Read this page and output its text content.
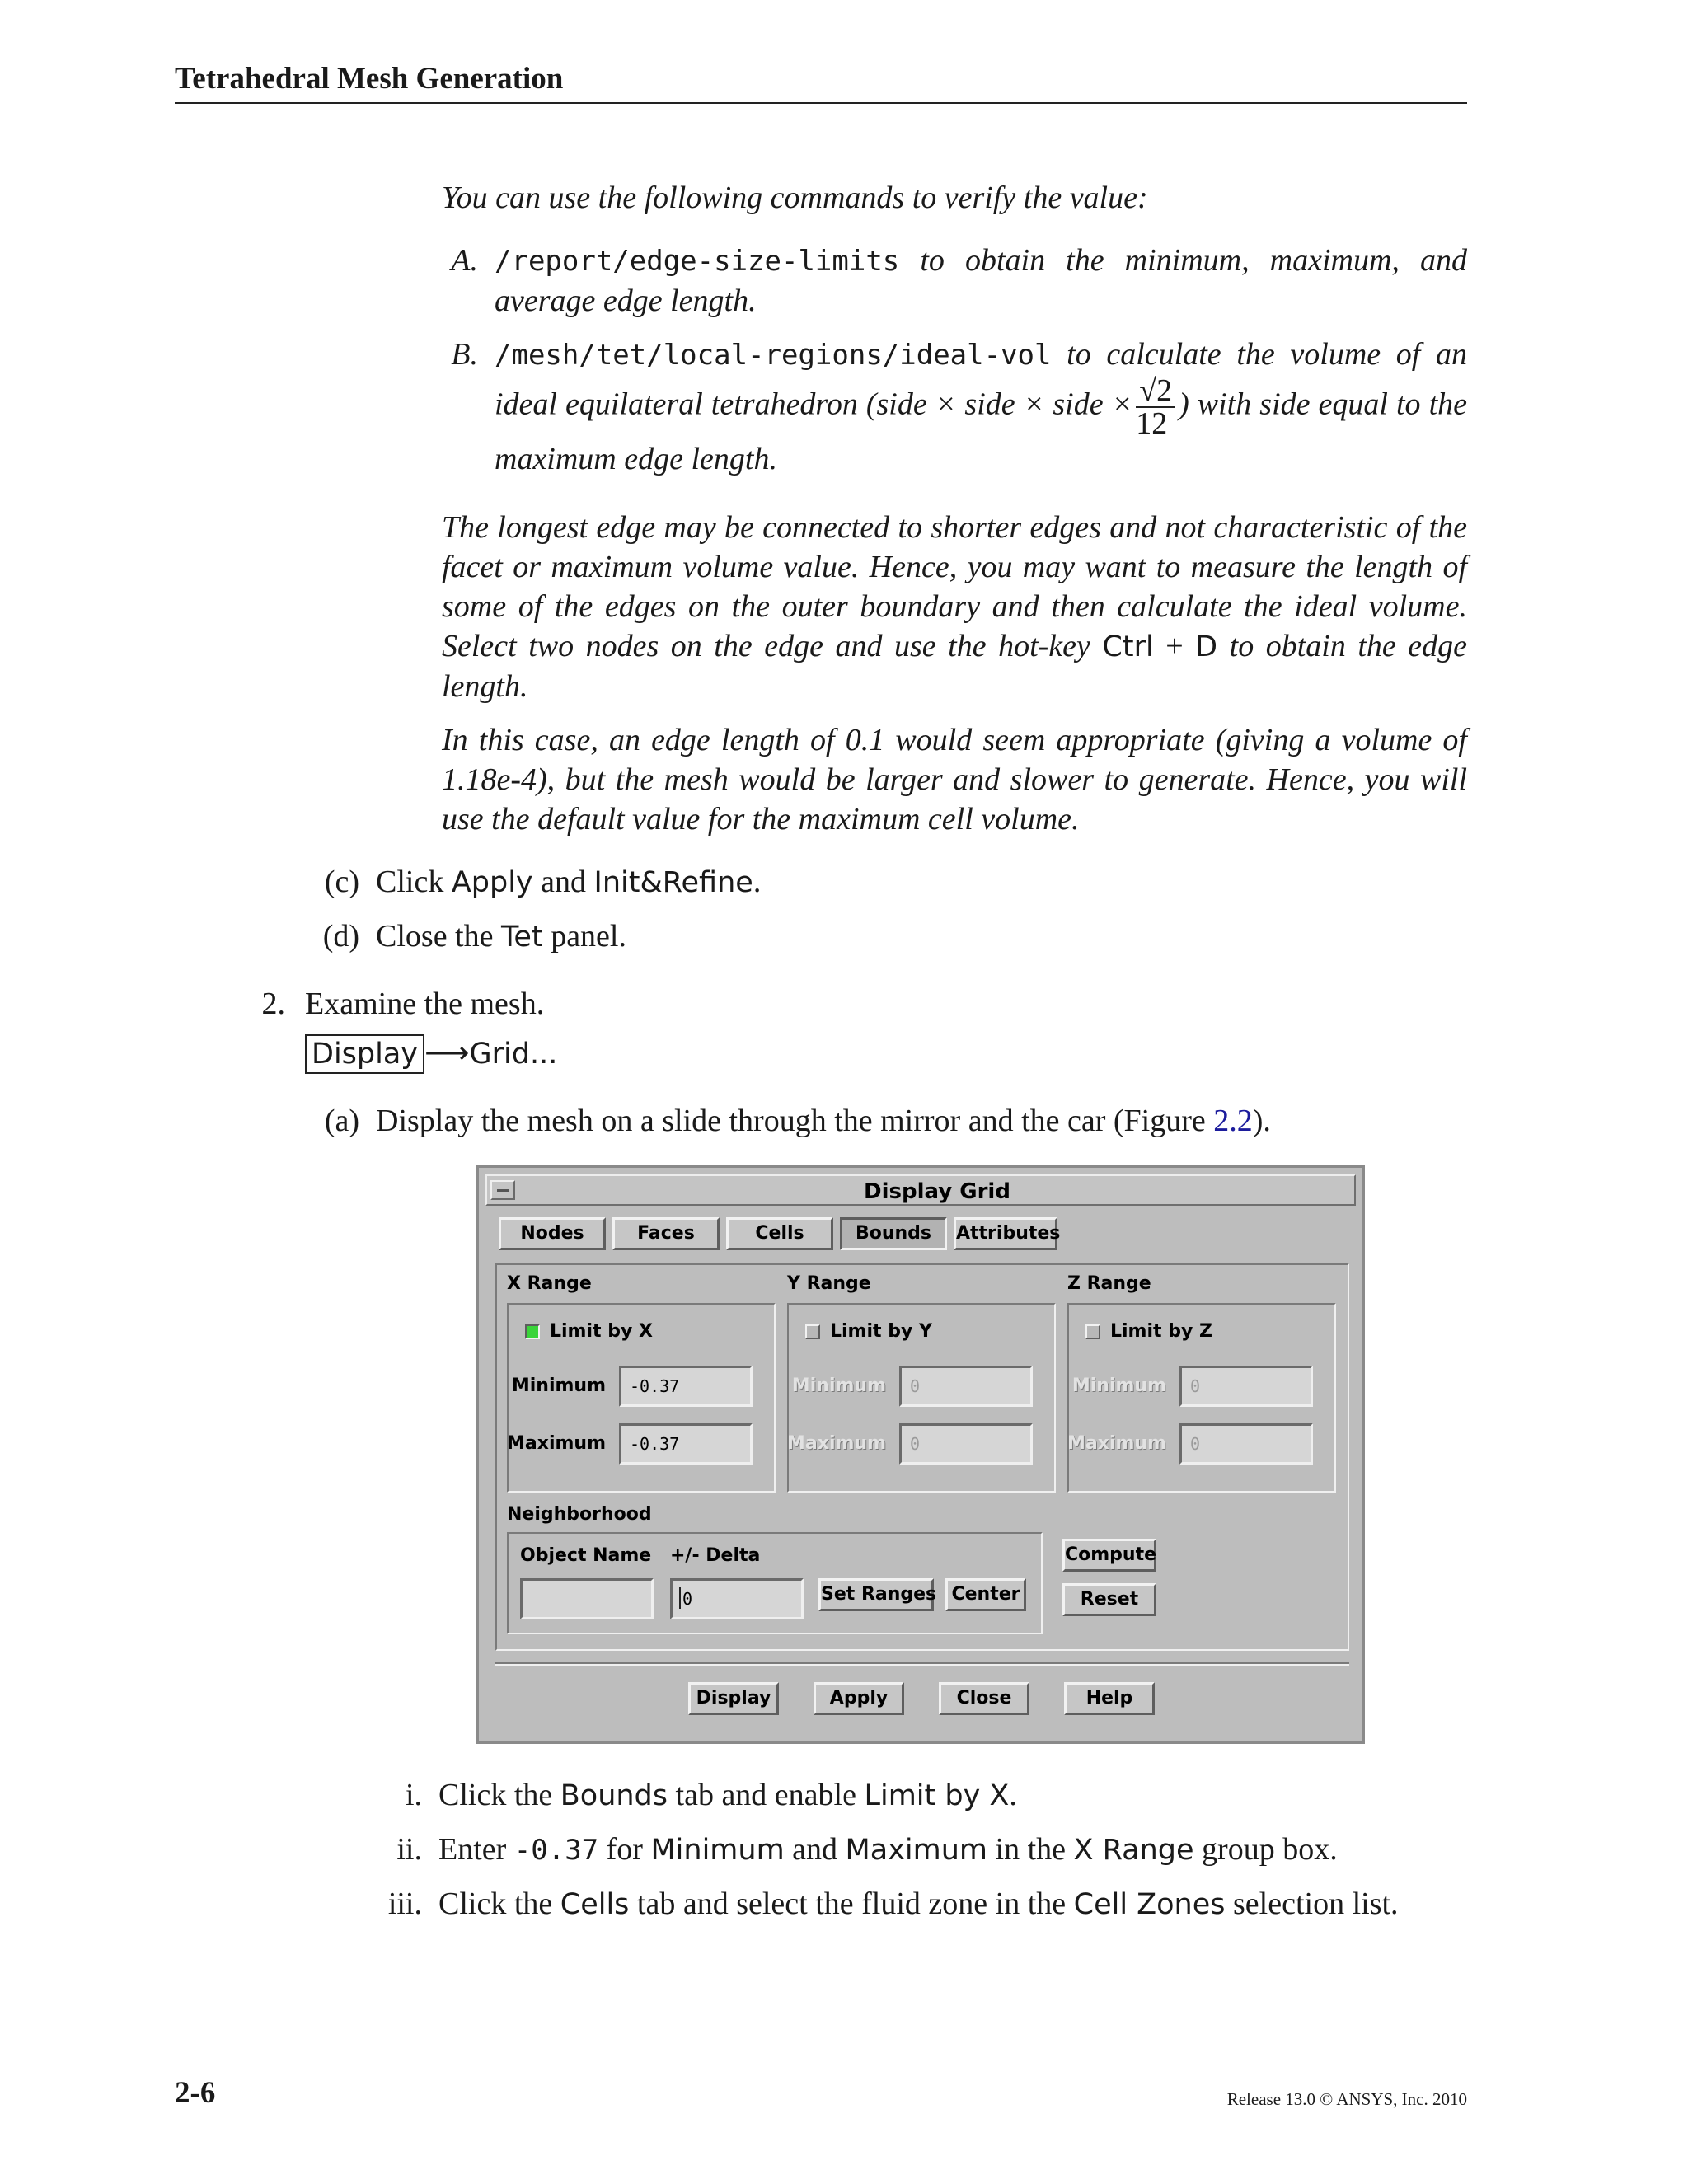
Tetrahedral Mesh Generation
You can use the following commands to verify the value:
A. /report/edge-size-limits to obtain the minimum, maximum, and average edge length.
B. /mesh/tet/local-regions/ideal-vol to calculate the volume of an ideal equilateral tetrahedron (side × side × side × $\frac{√2}{12}$ ) with side equal to the maximum edge length.
The longest edge may be connected to shorter edges and not characteristic of the facet or maximum volume value. Hence, you may want to measure the length of some of the edges on the outer boundary and then calculate the ideal volume. Select two nodes on the edge and use the hot-key Ctrl + D to obtain the edge length.
In this case, an edge length of 0.1 would seem appropriate (giving a volume of 1.18e-4), but the mesh would be larger and slower to generate. Hence, you will use the default value for the maximum cell volume.
(c) Click Apply and Init&Refine.
(d) Close the Tet panel.
2. Examine the mesh.
Display ⟶Grid...
(a) Display the mesh on a slide through the mirror and the car (Figure 2.2).
Display Grid
Nodes	Faces	Cells	Bounds	Attributes
X Range
Limit by X
Minimum	-0.37
Maximum	-0.37
Y Range
Limit by Y
Minimum	0
Maximum	0
Z Range
Limit by Z
Minimum	0
Maximum	0
Neighborhood
Object Name +/- Delta
0	Set Ranges Center
Compute
Reset
Display	Apply	Close	Help
i. Click the Bounds tab and enable Limit by X.
ii. Enter -0.37 for Minimum and Maximum in the X Range group box.
iii. Click the Cells tab and select the fluid zone in the Cell Zones selection list.
2-6	Release 13.0 © ANSYS, Inc. 2010
